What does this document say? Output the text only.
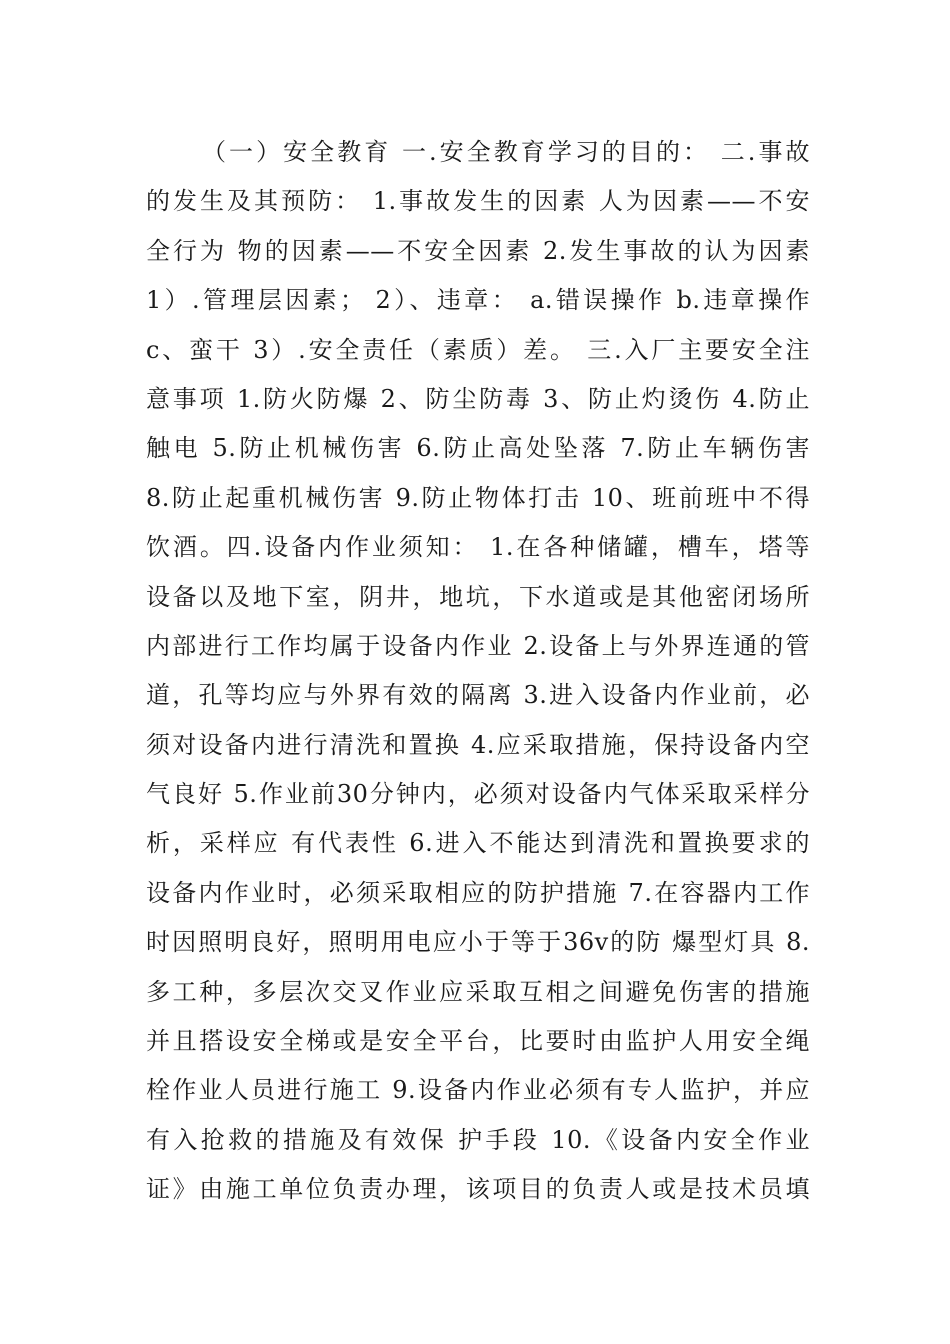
（一）安全教育 一.安全教育学习的目的： 二.事故
的发生及其预防： 1.事故发生的因素 人为因素——不安
全行为 物的因素——不安全因素 2.发生事故的认为因素
1）.管理层因素； 2）、违章： a.错误操作 b.违章操作
c、蛮干 3）.安全责任（素质）差。 三.入厂主要安全注
意事项 1.防火防爆 2、防尘防毒 3、防止灼烫伤 4.防止
触电 5.防止机械伤害 6.防止高处坠落 7.防止车辆伤害
8.防止起重机械伤害 9.防止物体打击 10、班前班中不得
饮酒。四.设备内作业须知： 1.在各种储罐，槽车，塔等
设备以及地下室，阴井，地坑，下水道或是其他密闭场所
内部进行工作均属于设备内作业 2.设备上与外界连通的管
道，孔等均应与外界有效的隔离 3.进入设备内作业前，必
须对设备内进行清洗和置换 4.应采取措施，保持设备内空
气良好 5.作业前30分钟内，必须对设备内气体采取采样分
析，采样应 有代表性 6.进入不能达到清洗和置换要求的
设备内作业时，必须采取相应的防护措施 7.在容器内工作
时因照明良好，照明用电应小于等于36v的防 爆型灯具 8.
多工种，多层次交叉作业应采取互相之间避免伤害的措施
并且搭设安全梯或是安全平台，比要时由监护人用安全绳
栓作业人员进行施工 9.设备内作业必须有专人监护，并应
有入抢救的措施及有效保 护手段 10.《设备内安全作业
证》由施工单位负责办理，该项目的负责人或是技术员填
